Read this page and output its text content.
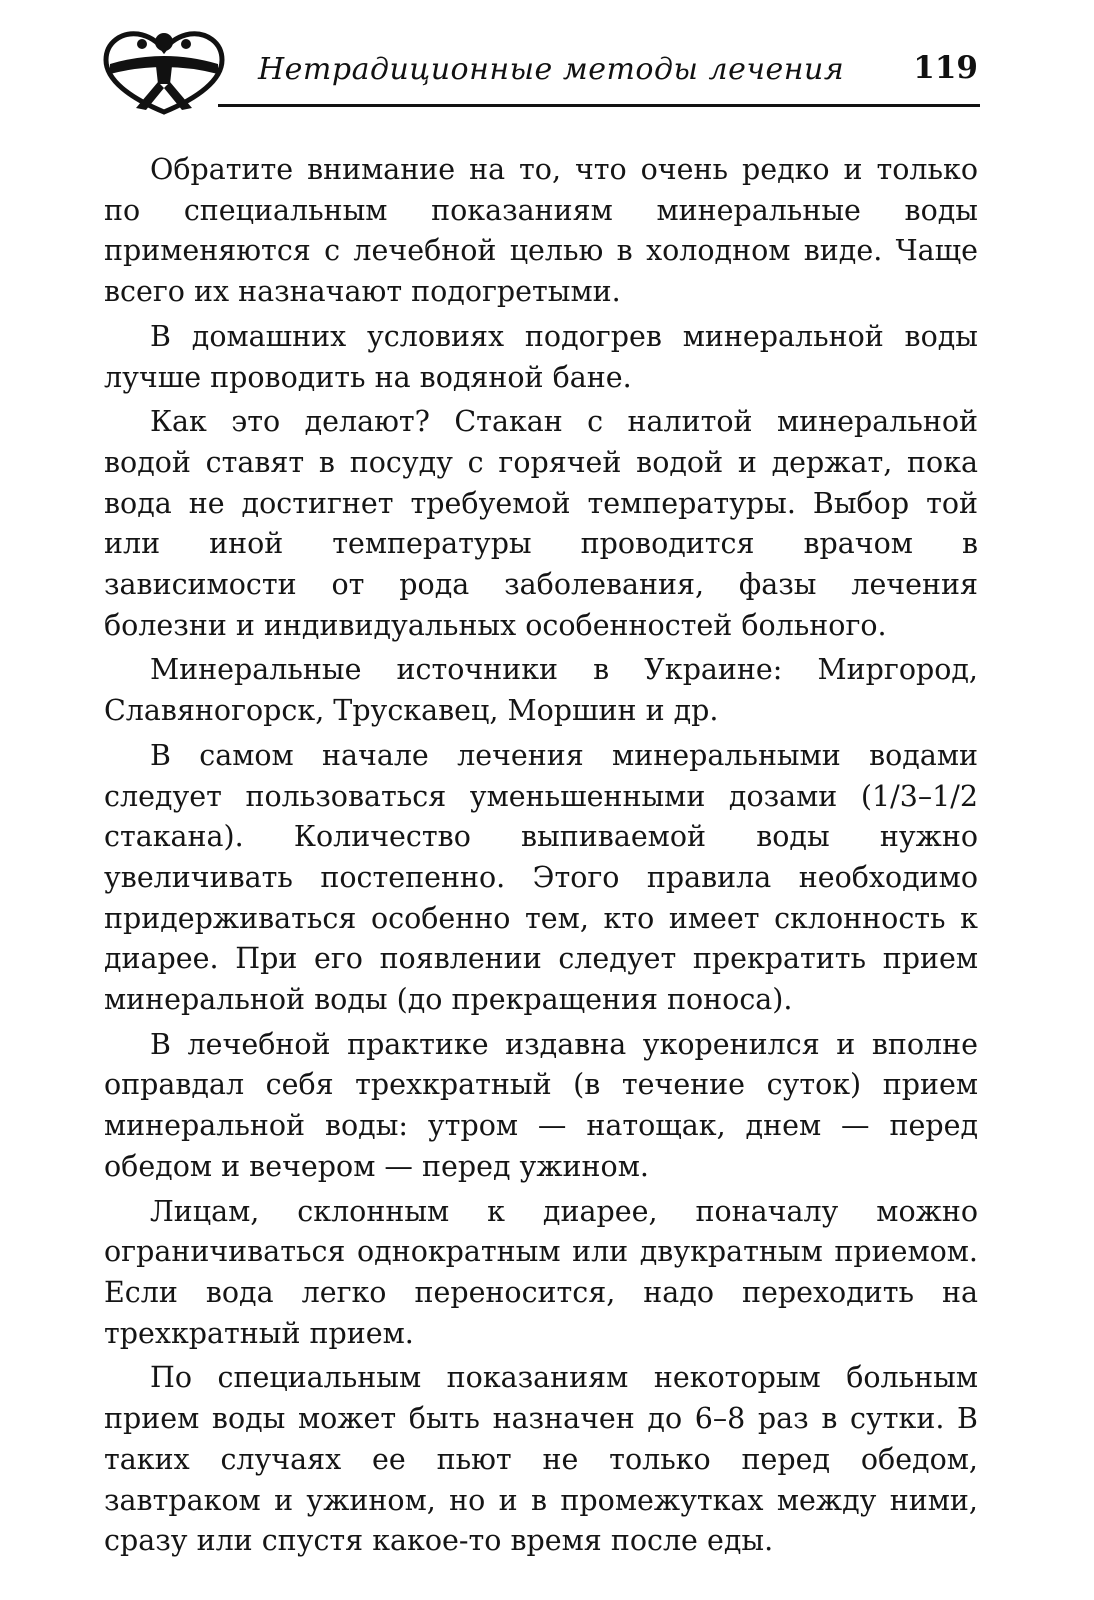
Нетрадиционные методы лечения 119

Обратите внимание на то, что очень редко и только по специальным показаниям минеральные воды применяются с лечебной целью в холодном виде. Чаще всего их назначают подогретыми.

В домашних условиях подогрев минеральной воды лучше проводить на водяной бане.

Как это делают? Стакан с налитой минеральной водой ставят в посуду с горячей водой и держат, пока вода не достигнет требуемой температуры. Выбор той или иной температуры проводится врачом в зависимости от рода заболевания, фазы лечения болезни и индивидуальных особенностей больного.

Минеральные источники в Украине: Миргород, Славяногорск, Трускавец, Моршин и др.

В самом начале лечения минеральными водами следует пользоваться уменьшенными дозами (1/3–1/2 стакана). Количество выпиваемой воды нужно увеличивать постепенно. Этого правила необходимо придерживаться особенно тем, кто имеет склонность к диарее. При его появлении следует прекратить прием минеральной воды (до прекращения поноса).

В лечебной практике издавна укоренился и вполне оправдал себя трехкратный (в течение суток) прием минеральной воды: утром — натощак, днем — перед обедом и вечером — перед ужином.

Лицам, склонным к диарее, поначалу можно ограничиваться однократным или двукратным приемом. Если вода легко переносится, надо переходить на трехкратный прием.

По специальным показаниям некоторым больным прием воды может быть назначен до 6–8 раз в сутки. В таких случаях ее пьют не только перед обедом, завтраком и ужином, но и в промежутках между ними, сразу или спустя какое-то время после еды.
